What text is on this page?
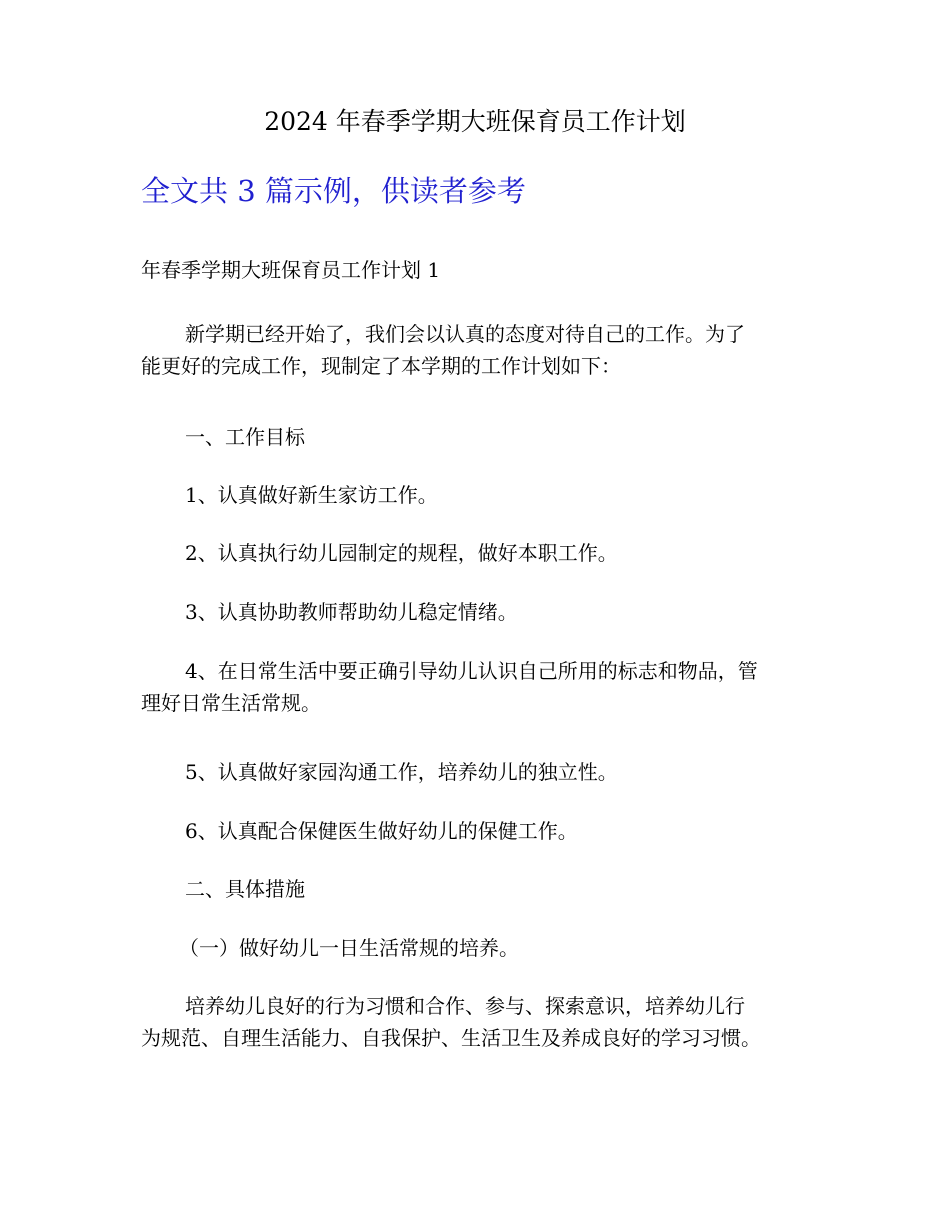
2024 年春季学期大班保育员工作计划
全文共 3 篇示例，供读者参考
年春季学期大班保育员工作计划 1
新学期已经开始了，我们会以认真的态度对待自己的工作。为了
能更好的完成工作，现制定了本学期的工作计划如下：
一、工作目标
1、认真做好新生家访工作。
2、认真执行幼儿园制定的规程，做好本职工作。
3、认真协助教师帮助幼儿稳定情绪。
4、在日常生活中要正确引导幼儿认识自己所用的标志和物品，管
理好日常生活常规。
5、认真做好家园沟通工作，培养幼儿的独立性。
6、认真配合保健医生做好幼儿的保健工作。
二、具体措施
（一）做好幼儿一日生活常规的培养。
培养幼儿良好的行为习惯和合作、参与、探索意识，培养幼儿行
为规范、自理生活能力、自我保护、生活卫生及养成良好的学习习惯。
